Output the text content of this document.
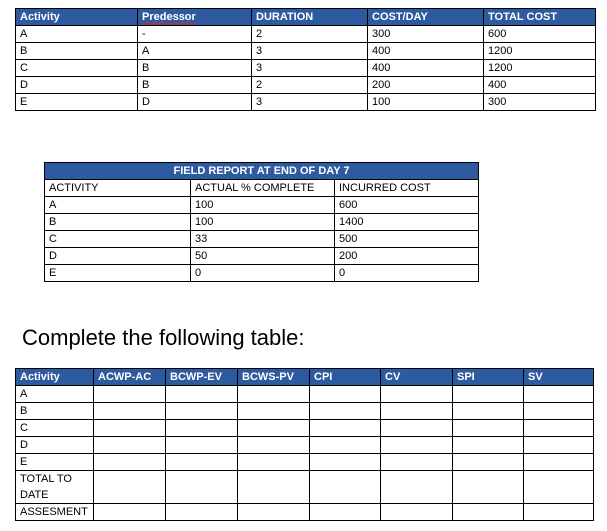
Activity	Predessor	DURATION	COST/DAY	TOTAL COST
A	-	2	300	600
B	A	3	400	1200
C	B	3	400	1200
D	B	2	200	400
E	D	3	100	300
FIELD REPORT AT END OF DAY 7		
ACTIVITY	ACTUAL % COMPLETE	INCURRED COST
A	100	600
B	100	1400
C	33	500
D	50	200
E	0	0

Complete the following table:

Activity	ACWP-AC	BCWP-EV	BCWS-PV	CPI	CV	SPI	SV
A							
B							
C							
D							
E							
TOTAL TO DATE							
ASSESMENT							
